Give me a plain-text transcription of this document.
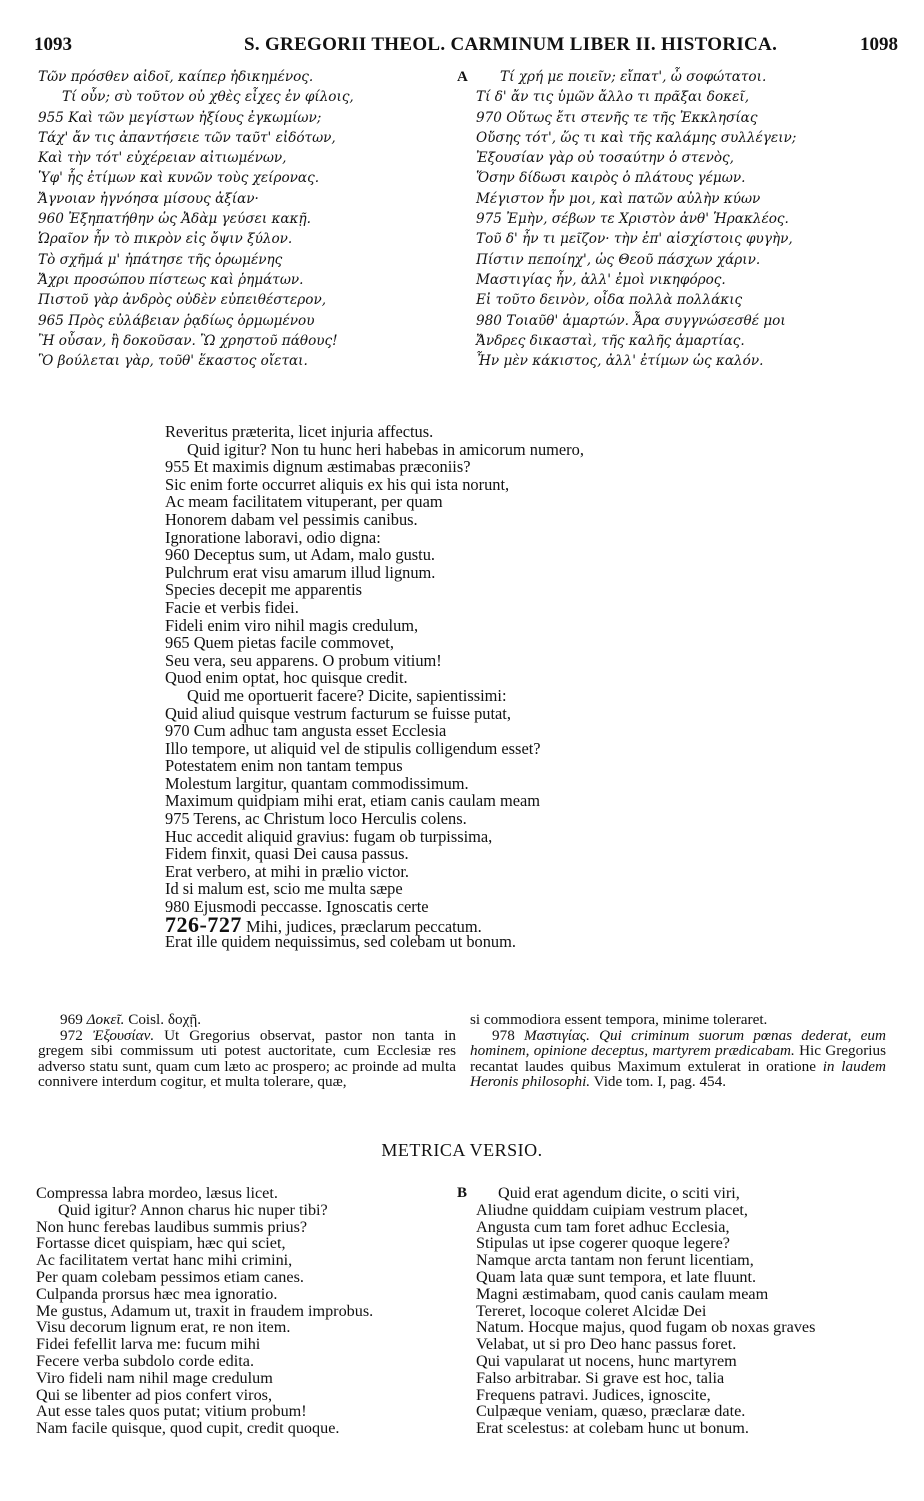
1093	S. GREGORII THEOL. CARMINUM LIBER II. HISTORICA.	1098
Τῶν πρόσθεν αἰδοῖ, καίπερ ἠδικημένος.
Τί οὖν; σὺ τοῦτον οὐ χθὲς εἶχες ἐν φίλοις,
955 Καὶ τῶν μεγίστων ἠξίους ἐγκωμίων;
Τάχ' ἄν τις ἀπαντήσειε τῶν ταῦτ' εἰδότων,
Καὶ τὴν τότ' εὐχέρειαν αἰτιωμένων,
Ὑφ' ἧς ἐτίμων καὶ κυνῶν τοὺς χείρονας.
Ἄγνοιαν ἠγνόησα μίσους ἀξίαν·
960 Ἐξηπατήθην ὡς Ἀδὰμ γεύσει κακῇ.
Ὡραῖον ἦν τὸ πικρὸν εἰς ὄψιν ξύλον.
Τὸ σχῆμά μ' ἠπάτησε τῆς ὁρωμένης
Ἄχρι προσώπου πίστεως καὶ ῥημάτων.
Πιστοῦ γὰρ ἀνδρὸς οὐδὲν εὐπειθέστερον,
965 Πρὸς εὐλάβειαν ῥᾳδίως ὁρμωμένου
Ἢ οὖσαν, ἢ δοκοῦσαν. Ὢ χρηστοῦ πάθους!
Ὃ βούλεται γὰρ, τοῦθ' ἕκαστος οἴεται.
A	Τί χρή με ποιεῖν; εἴπατ', ὦ σοφώτατοι.
Τί δ' ἄν τις ὑμῶν ἄλλο τι πρᾶξαι δοκεῖ,
970 Οὕτως ἔτι στενῆς τε τῆς Ἐκκλησίας
Οὔσης τότ', ὥς τι καὶ τῆς καλάμης συλλέγειν;
Ἐξουσίαν γὰρ οὐ τοσαύτην ὁ στενὸς,
Ὅσην δίδωσι καιρὸς ὁ πλάτους γέμων.
Μέγιστον ἦν μοι, καὶ πατῶν αὐλὴν κύων
975 Ἐμὴν, σέβων τε Χριστὸν ἀνθ' Ἡρακλέος.
Τοῦ δ' ἦν τι μεῖζον· τὴν ἐπ' αἰσχίστοις φυγὴν,
Πίστιν πεποίηχ', ὡς Θεοῦ πάσχων χάριν.
Μαστιγίας ἦν, ἀλλ' ἐμοὶ νικηφόρος.
Εἰ τοῦτο δεινὸν, οἶδα πολλὰ πολλάκις
980 Τοιαῦθ' ἁμαρτών. Ἆρα συγγνώσεσθέ μοι
Ἄνδρες δικασταὶ, τῆς καλῆς ἁμαρτίας.
Ἦν μὲν κάκιστος, ἀλλ' ἐτίμων ὡς καλόν.
Reveritus præterita, licet injuria affectus.
Quid igitur? Non tu hunc heri habebas in amicorum numero,
955 Et maximis dignum æstimabas præconiis?
Sic enim forte occurret aliquis ex his qui ista norunt,
Ac meam facilitatem vituperant, per quam
Honorem dabam vel pessimis canibus.
Ignoratione laboravi, odio digna:
960 Deceptus sum, ut Adam, malo gustu.
Pulchrum erat visu amarum illud lignum.
Species decepit me apparentis
Facie et verbis fidei.
Fideli enim viro nihil magis credulum,
965 Quem pietas facile commovet,
Seu vera, seu apparens. O probum vitium!
Quod enim optat, hoc quisque credit.
Quid me oportuerit facere? Dicite, sapientissimi:
Quid aliud quisque vestrum facturum se fuisse putat,
970 Cum adhuc tam angusta esset Ecclesia
Illo tempore, ut aliquid vel de stipulis colligendum esset?
Potestatem enim non tantam tempus
Molestum largitur, quantam commodissimum.
Maximum quidpiam mihi erat, etiam canis caulam meam
975 Terens, ac Christum loco Herculis colens.
Huc accedit aliquid gravius: fugam ob turpissima,
Fidem finxit, quasi Dei causa passus.
Erat verbero, at mihi in prælio victor.
Id si malum est, scio me multa sæpe
980 Ejusmodi peccasse. Ignoscatis certe
726-727 Mihi, judices, præclarum peccatum.
Erat ille quidem nequissimus, sed colebam ut bonum.

969 Δοκεῖ. Coisl. δοχῇ.

972 Ἐξουσίαν. Ut Gregorius observat, pastor non tanta in gregem sibi commissum uti potest auctoritate, cum Ecclesiæ res adverso statu sunt, quam cum læto ac prospero; ac proinde ad multa connivere interdum cogitur, et multa tolerare, quæ,

si commodiora essent tempora, minime toleraret.

978 Μαστιγίας. Qui criminum suorum pœnas dederat, eum hominem, opinione deceptus, martyrem prædicabam. Hic Gregorius recantat laudes quibus Maximum extulerat in oratione in laudem Heronis philosophi. Vide tom. I, pag. 454.

METRICA VERSIO.
Compressa labra mordeo, læsus licet.
Quid igitur? Annon charus hic nuper tibi?
Non hunc ferebas laudibus summis prius?
Fortasse dicet quispiam, hæc qui sciet,
Ac facilitatem vertat hanc mihi crimini,
Per quam colebam pessimos etiam canes.
Culpanda prorsus hæc mea ignoratio.
Me gustus, Adamum ut, traxit in fraudem improbus.
Visu decorum lignum erat, re non item.
Fidei fefellit larva me: fucum mihi
Fecere verba subdolo corde edita.
Viro fideli nam nihil mage credulum
Qui se libenter ad pios confert viros,
Aut esse tales quos putat; vitium probum!
Nam facile quisque, quod cupit, credit quoque.
B	Quid erat agendum dicite, o sciti viri,
Aliudne quiddam cuipiam vestrum placet,
Angusta cum tam foret adhuc Ecclesia,
Stipulas ut ipse cogerer quoque legere?
Namque arcta tantam non ferunt licentiam,
Quam lata quæ sunt tempora, et late fluunt.
Magni æstimabam, quod canis caulam meam
Tereret, locoque coleret Alcidæ Dei
Natum. Hocque majus, quod fugam ob noxas graves
Velabat, ut si pro Deo hanc passus foret.
Qui vapularat ut nocens, hunc martyrem
Falso arbitrabar. Si grave est hoc, talia
Frequens patravi. Judices, ignoscite,
Culpæque veniam, quæso, præclaræ date.
Erat scelestus: at colebam hunc ut bonum.
